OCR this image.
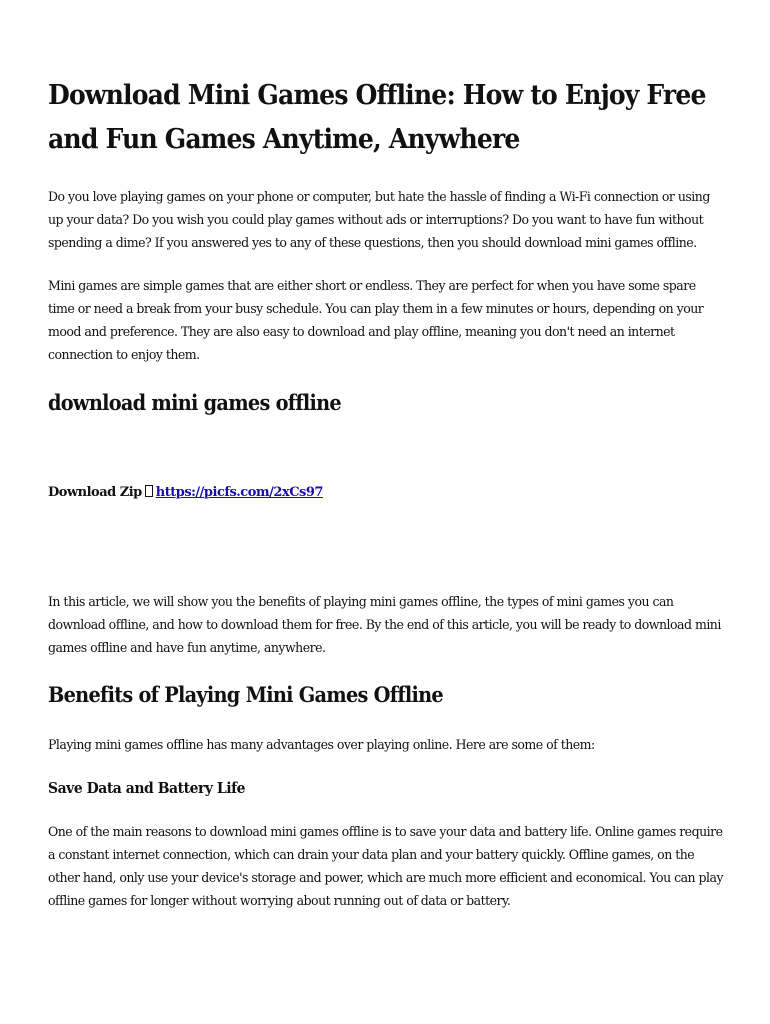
Download Mini Games Offline: How to Enjoy Free and Fun Games Anytime, Anywhere

Do you love playing games on your phone or computer, but hate the hassle of finding a Wi-Fi connection or using up your data? Do you wish you could play games without ads or interruptions? Do you want to have fun without spending a dime? If you answered yes to any of these questions, then you should download mini games offline.

Mini games are simple games that are either short or endless. They are perfect for when you have some spare time or need a break from your busy schedule. You can play them in a few minutes or hours, depending on your mood and preference. They are also easy to download and play offline, meaning you don't need an internet connection to enjoy them.

download mini games offline
Download Zip https://picfs.com/2xCs97

In this article, we will show you the benefits of playing mini games offline, the types of mini games you can download offline, and how to download them for free. By the end of this article, you will be ready to download mini games offline and have fun anytime, anywhere.

Benefits of Playing Mini Games Offline

Playing mini games offline has many advantages over playing online. Here are some of them:

Save Data and Battery Life

One of the main reasons to download mini games offline is to save your data and battery life. Online games require a constant internet connection, which can drain your data plan and your battery quickly. Offline games, on the other hand, only use your device's storage and power, which are much more efficient and economical. You can play offline games for longer without worrying about running out of data or battery.
